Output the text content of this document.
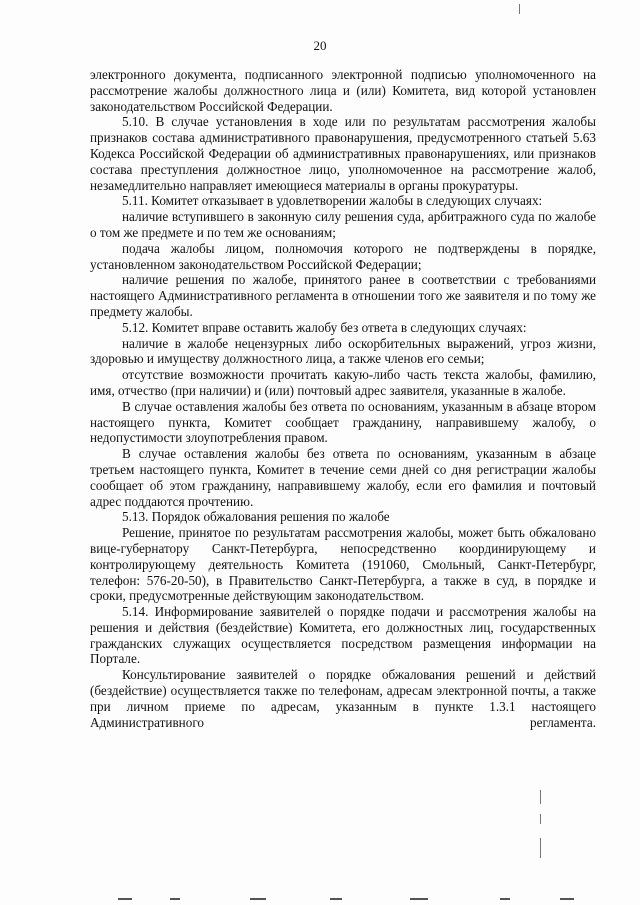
20

электронного документа, подписанного электронной подписью уполномоченного на рассмотрение жалобы должностного лица и (или) Комитета, вид которой установлен законодательством Российской Федерации.

5.10. В случае установления в ходе или по результатам рассмотрения жалобы признаков состава административного правонарушения, предусмотренного статьей 5.63 Кодекса Российской Федерации об административных правонарушениях, или признаков состава преступления должностное лицо, уполномоченное на рассмотрение жалоб, незамедлительно направляет имеющиеся материалы в органы прокуратуры.

5.11. Комитет отказывает в удовлетворении жалобы в следующих случаях:

наличие вступившего в законную силу решения суда, арбитражного суда по жалобе о том же предмете и по тем же основаниям;

подача жалобы лицом, полномочия которого не подтверждены в порядке, установленном законодательством Российской Федерации;

наличие решения по жалобе, принятого ранее в соответствии с требованиями настоящего Административного регламента в отношении того же заявителя и по тому же предмету жалобы.

5.12. Комитет вправе оставить жалобу без ответа в следующих случаях:

наличие в жалобе нецензурных либо оскорбительных выражений, угроз жизни, здоровью и имуществу должностного лица, а также членов его семьи;

отсутствие возможности прочитать какую-либо часть текста жалобы, фамилию, имя, отчество (при наличии) и (или) почтовый адрес заявителя, указанные в жалобе.

В случае оставления жалобы без ответа по основаниям, указанным в абзаце втором настоящего пункта, Комитет сообщает гражданину, направившему жалобу, о недопустимости злоупотребления правом.

В случае оставления жалобы без ответа по основаниям, указанным в абзаце третьем настоящего пункта, Комитет в течение семи дней со дня регистрации жалобы сообщает об этом гражданину, направившему жалобу, если его фамилия и почтовый адрес поддаются прочтению.

5.13. Порядок обжалования решения по жалобе

Решение, принятое по результатам рассмотрения жалобы, может быть обжаловано вице-губернатору Санкт-Петербурга, непосредственно координирующему и контролирующему деятельность Комитета (191060, Смольный, Санкт-Петербург, телефон: 576-20-50), в Правительство Санкт-Петербурга, а также в суд, в порядке и сроки, предусмотренные действующим законодательством.

5.14. Информирование заявителей о порядке подачи и рассмотрения жалобы на решения и действия (бездействие) Комитета, его должностных лиц, государственных гражданских служащих осуществляется посредством размещения информации на Портале.

Консультирование заявителей о порядке обжалования решений и действий (бездействие) осуществляется также по телефонам, адресам электронной почты, а также при личном приеме по адресам, указанным в пункте 1.3.1 настоящего Административного регламента.
